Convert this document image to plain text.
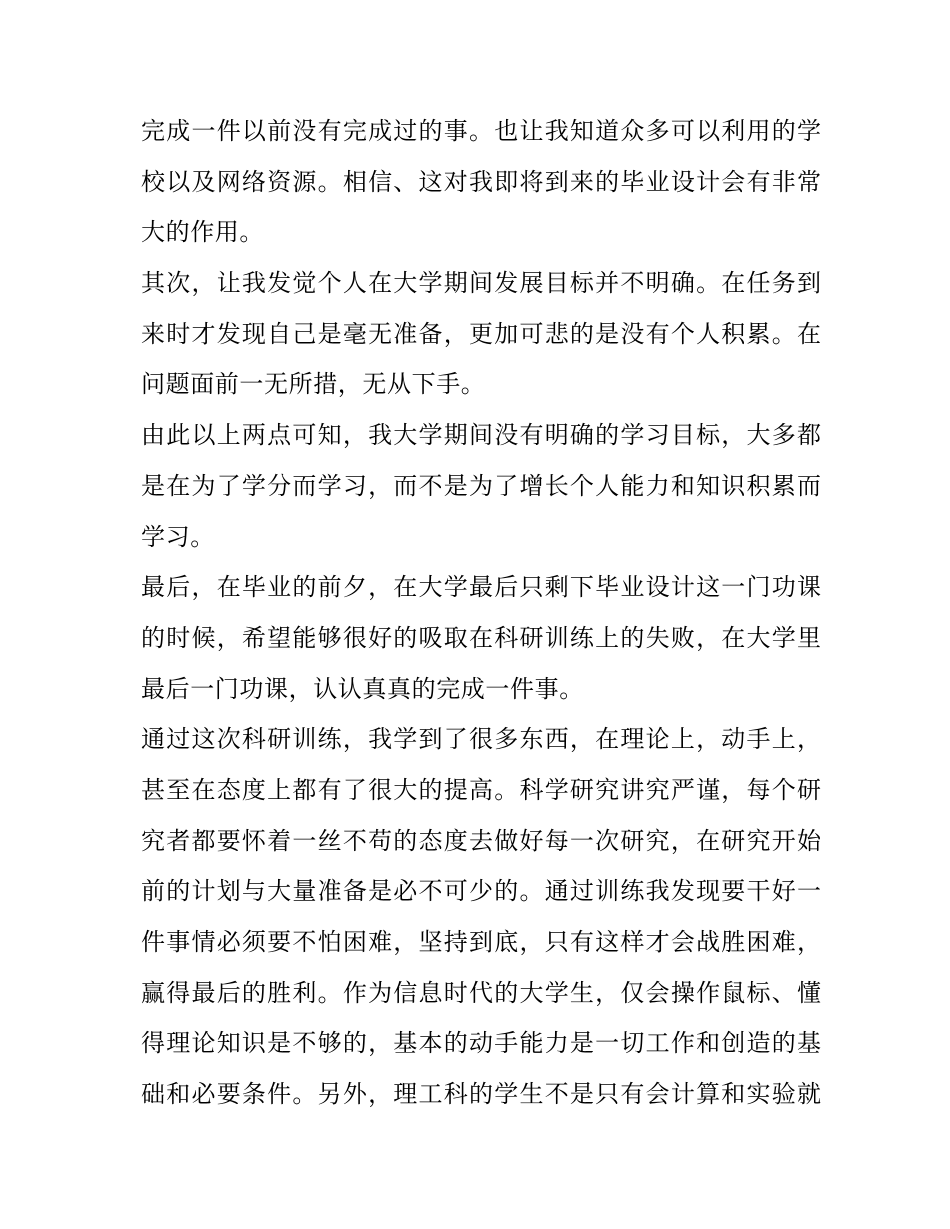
完成一件以前没有完成过的事。也让我知道众多可以利用的学
校以及网络资源。相信、这对我即将到来的毕业设计会有非常
大的作用。
其次，让我发觉个人在大学期间发展目标并不明确。在任务到
来时才发现自己是毫无准备，更加可悲的是没有个人积累。在
问题面前一无所措，无从下手。
由此以上两点可知，我大学期间没有明确的学习目标，大多都
是在为了学分而学习，而不是为了增长个人能力和知识积累而
学习。
最后，在毕业的前夕，在大学最后只剩下毕业设计这一门功课
的时候，希望能够很好的吸取在科研训练上的失败，在大学里
最后一门功课，认认真真的完成一件事。
通过这次科研训练，我学到了很多东西，在理论上，动手上，
甚至在态度上都有了很大的提高。科学研究讲究严谨，每个研
究者都要怀着一丝不苟的态度去做好每一次研究，在研究开始
前的计划与大量准备是必不可少的。通过训练我发现要干好一
件事情必须要不怕困难，坚持到底，只有这样才会战胜困难，
赢得最后的胜利。作为信息时代的大学生，仅会操作鼠标、懂
得理论知识是不够的，基本的动手能力是一切工作和创造的基
础和必要条件。另外，理工科的学生不是只有会计算和实验就
